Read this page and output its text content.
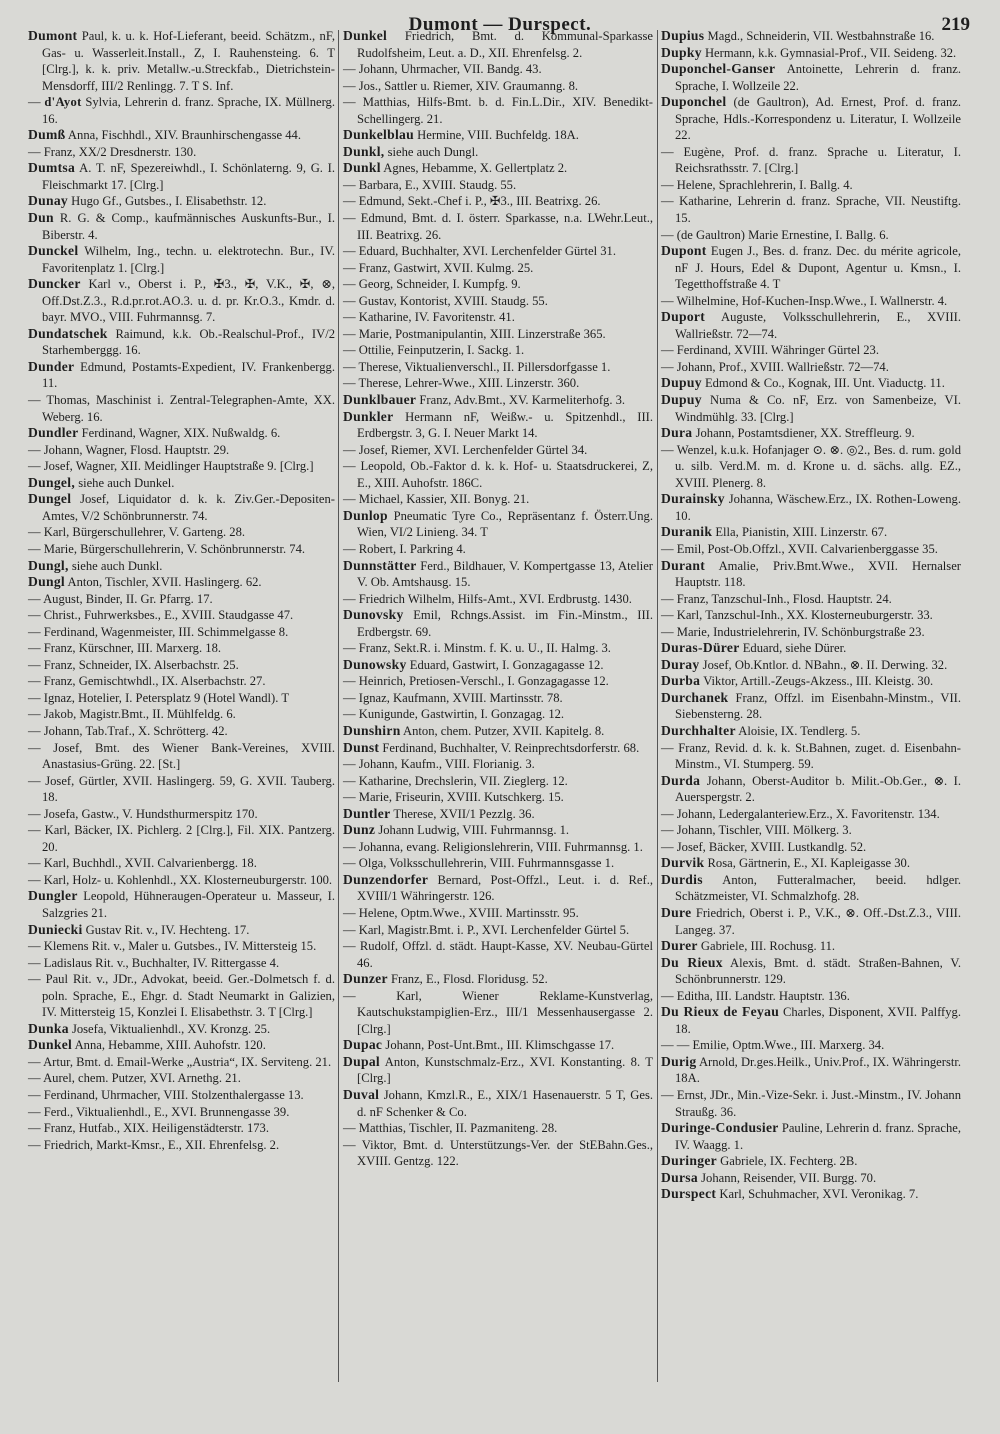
Dumont — Durspect.	219
Dumont Paul, k. u. k. Hof-Lieferant, beeid. Schätzm., nF, Gas- u. Wasserleit.Install., Z, I. Rauhensteing. 6. T [Clrg.], k. k. priv. Metallw.-u.Streckfab., Dietrichstein-Mensdorff, III/2 Renlingg. 7. T S. Inf.
— d'Ayot Sylvia, Lehrerin d. franz. Sprache, IX. Müllnerg. 16.
Dumß Anna, Fischhdl., XIV. Braunhirschengasse 44.
— Franz, XX/2 Dresdnerstr. 130.
Dumtsa A. T. nF, Spezereiwhdl., I. Schönlaterng. 9, G. I. Fleischmarkt 17. [Clrg.]
Dunay Hugo Gf., Gutsbes., I. Elisabethstr. 12.
Dun R. G. & Comp., kaufmännisches Auskunfts-Bur., I. Biberstr. 4.
Dunckel Wilhelm, Ing., techn. u. elektrotechn. Bur., IV. Favoritenplatz 1. [Clrg.]
Duncker Karl v., Oberst i. P., ✠3., ✠, V.K., ✠, ⊗, Off.Dst.Z.3., R.d.pr.rot.AO.3. u. d. pr. Kr.O.3., Kmdr. d. bayr. MVO., VIII. Fuhrmannsg. 7.
Dundatschek Raimund, k.k. Ob.-Realschul-Prof., IV/2 Starhemberggg. 16.
Dunder Edmund, Postamts-Expedient, IV. Frankenbergg. 11.
— Thomas, Maschinist i. Zentral-Telegraphen-Amte, XX. Weberg. 16.
Dundler Ferdinand, Wagner, XIX. Nußwaldg. 6.
— Johann, Wagner, Flosd. Hauptstr. 29.
— Josef, Wagner, XII. Meidlinger Hauptstraße 9. [Clrg.]
Dungel, siehe auch Dunkel.
Dungel Josef, Liquidator d. k. k. Ziv.Ger.-Depositen-Amtes, V/2 Schönbrunnerstr. 74.
— Karl, Bürgerschullehrer, V. Garteng. 28.
— Marie, Bürgerschullehrerin, V. Schönbrunnerstr. 74.
Dungl, siehe auch Dunkl.
Dungl Anton, Tischler, XVII. Haslingerg. 62.
— August, Binder, II. Gr. Pfarrg. 17.
— Christ., Fuhrwerksbes., E., XVIII. Staudgasse 47.
— Ferdinand, Wagenmeister, III. Schimmelgasse 8.
— Franz, Kürschner, III. Marxerg. 18.
— Franz, Schneider, IX. Alserbachstr. 25.
— Franz, Gemischtwhdl., IX. Alserbachstr. 27.
— Ignaz, Hotelier, I. Petersplatz 9 (Hotel Wandl). T
— Jakob, Magistr.Bmt., II. Mühlfeldg. 6.
— Johann, Tab.Traf., X. Schrötterg. 42.
— Josef, Bmt. des Wiener Bank-Vereines, XVIII. Anastasius-Grüng. 22. [St.]
— Josef, Gürtler, XVII. Haslingerg. 59, G. XVII. Tauberg. 18.
— Josefa, Gastw., V. Hundsthurmerspitz 170.
— Karl, Bäcker, IX. Pichlerg. 2 [Clrg.], Fil. XIX. Pantzerg. 20.
— Karl, Buchhdl., XVII. Calvarienbergg. 18.
— Karl, Holz- u. Kohlenhdl., XX. Klosterneuburgerstr. 100.
Dungler Leopold, Hühneraugen-Operateur u. Masseur, I. Salzgries 21.
Duniecki Gustav Rit. v., IV. Hechteng. 17.
— Klemens Rit. v., Maler u. Gutsbes., IV. Mittersteig 15.
— Ladislaus Rit. v., Buchhalter, IV. Rittergasse 4.
— Paul Rit. v., JDr., Advokat, beeid. Ger.-Dolmetsch f. d. poln. Sprache, E., Ehgr. d. Stadt Neumarkt in Galizien, IV. Mittersteig 15, Konzlei I. Elisabethstr. 3. T [Clrg.]
Dunka Josefa, Viktualienhdl., XV. Kronzg. 25.
Dunkel Anna, Hebamme, XIII. Auhofstr. 120.
— Artur, Bmt. d. Email-Werke „Austria“, IX. Serviteng. 21.
— Aurel, chem. Putzer, XVI. Arnethg. 21.
— Ferdinand, Uhrmacher, VIII. Stolzenthalergasse 13.
— Ferd., Viktualienhdl., E., XVI. Brunnengasse 39.
— Franz, Hutfab., XIX. Heiligenstädterstr. 173.
— Friedrich, Markt-Kmsr., E., XII. Ehrenfelsg. 2.
Dunkel Friedrich, Bmt. d. Kommunal-Sparkasse Rudolfsheim, Leut. a. D., XII. Ehrenfelsg. 2.
— Johann, Uhrmacher, VII. Bandg. 43.
— Jos., Sattler u. Riemer, XIV. Graumanng. 8.
— Matthias, Hilfs-Bmt. b. d. Fin.L.Dir., XIV. Benedikt-Schellingerg. 21.
Dunkelblau Hermine, VIII. Buchfeldg. 18A.
Dunkl, siehe auch Dungl.
Dunkl Agnes, Hebamme, X. Gellertplatz 2.
— Barbara, E., XVIII. Staudg. 55.
— Edmund, Sekt.-Chef i. P., ✠3., III. Beatrixg. 26.
— Edmund, Bmt. d. I. österr. Sparkasse, n.a. LWehr.Leut., III. Beatrixg. 26.
— Eduard, Buchhalter, XVI. Lerchenfelder Gürtel 31.
— Franz, Gastwirt, XVII. Kulmg. 25.
— Georg, Schneider, I. Kumpfg. 9.
— Gustav, Kontorist, XVIII. Staudg. 55.
— Katharine, IV. Favoritenstr. 41.
— Marie, Postmanipulantin, XIII. Linzerstraße 365.
— Ottilie, Feinputzerin, I. Sackg. 1.
— Therese, Viktualienverschl., II. Pillersdorfgasse 1.
— Therese, Lehrer-Wwe., XIII. Linzerstr. 360.
Dunklbauer Franz, Adv.Bmt., XV. Karmeliterhofg. 3.
Dunkler Hermann nF, Weißw.- u. Spitzenhdl., III. Erdbergstr. 3, G. I. Neuer Markt 14.
— Josef, Riemer, XVI. Lerchenfelder Gürtel 34.
— Leopold, Ob.-Faktor d. k. k. Hof- u. Staatsdruckerei, Z, E., XIII. Auhofstr. 186C.
— Michael, Kassier, XII. Bonyg. 21.
Dunlop Pneumatic Tyre Co., Repräsentanz f. Österr.Ung. Wien, VI/2 Linieng. 34. T
— Robert, I. Parkring 4.
Dunnstätter Ferd., Bildhauer, V. Kompertgasse 13, Atelier V. Ob. Amtshausg. 15.
— Friedrich Wilhelm, Hilfs-Amt., XVI. Erdbrustg. 1430.
Dunovsky Emil, Rchngs.Assist. im Fin.-Minstm., III. Erdbergstr. 69.
— Franz, Sekt.R. i. Minstm. f. K. u. U., II. Halmg. 3.
Dunowsky Eduard, Gastwirt, I. Gonzagagasse 12.
— Heinrich, Pretiosen-Verschl., I. Gonzagagasse 12.
— Ignaz, Kaufmann, XVIII. Martinsstr. 78.
— Kunigunde, Gastwirtin, I. Gonzagag. 12.
Dunshirn Anton, chem. Putzer, XVII. Kapitelg. 8.
Dunst Ferdinand, Buchhalter, V. Reinprechtsdorferstr. 68.
— Johann, Kaufm., VIII. Florianig. 3.
— Katharine, Drechslerin, VII. Zieglerg. 12.
— Marie, Friseurin, XVIII. Kutschkerg. 15.
Duntler Therese, XVII/1 Pezzlg. 36.
Dunz Johann Ludwig, VIII. Fuhrmannsg. 1.
— Johanna, evang. Religionslehrerin, VIII. Fuhrmannsg. 1.
— Olga, Volksschullehrerin, VIII. Fuhrmannsgasse 1.
Dunzendorfer Bernard, Post-Offzl., Leut. i. d. Ref., XVIII/1 Währingerstr. 126.
— Helene, Optm.Wwe., XVIII. Martinsstr. 95.
— Karl, Magistr.Bmt. i. P., XVI. Lerchenfelder Gürtel 5.
— Rudolf, Offzl. d. städt. Haupt-Kasse, XV. Neubau-Gürtel 46.
Dunzer Franz, E., Flosd. Floridusg. 52.
— Karl, Wiener Reklame-Kunstverlag, Kautschukstampiglien-Erz., III/1 Messenhausergasse 2. [Clrg.]
Dupac Johann, Post-Unt.Bmt., III. Klimschgasse 17.
Dupal Anton, Kunstschmalz-Erz., XVI. Konstanting. 8. T [Clrg.]
Duval Johann, Kmzl.R., E., XIX/1 Hasenauerstr. 5 T, Ges. d. nF Schenker & Co.
— Matthias, Tischler, II. Pazmaniteng. 28.
— Viktor, Bmt. d. Unterstützungs-Ver. der StEBahn.Ges., XVIII. Gentzg. 122.
Dupius Magd., Schneiderin, VII. Westbahnstraße 16.
Dupky Hermann, k.k. Gymnasial-Prof., VII. Seideng. 32.
Duponchel-Ganser Antoinette, Lehrerin d. franz. Sprache, I. Wollzeile 22.
Duponchel (de Gaultron), Ad. Ernest, Prof. d. franz. Sprache, Hdls.-Korrespondenz u. Literatur, I. Wollzeile 22.
— Eugène, Prof. d. franz. Sprache u. Literatur, I. Reichsrathsstr. 7. [Clrg.]
— Helene, Sprachlehrerin, I. Ballg. 4.
— Katharine, Lehrerin d. franz. Sprache, VII. Neustiftg. 15.
— (de Gaultron) Marie Ernestine, I. Ballg. 6.
Dupont Eugen J., Bes. d. franz. Dec. du mérite agricole, nF J. Hours, Edel & Dupont, Agentur u. Kmsn., I. Tegetthoffstraße 4. T
— Wilhelmine, Hof-Kuchen-Insp.Wwe., I. Wallnerstr. 4.
Duport Auguste, Volksschullehrerin, E., XVIII. Wallrießstr. 72—74.
— Ferdinand, XVIII. Währinger Gürtel 23.
— Johann, Prof., XVIII. Wallrießstr. 72—74.
Dupuy Edmond & Co., Kognak, III. Unt. Viaductg. 11.
Dupuy Numa & Co. nF, Erz. von Samenbeize, VI. Windmühlg. 33. [Clrg.]
Dura Johann, Postamtsdiener, XX. Streffleurg. 9.
— Wenzel, k.u.k. Hofanjager ⊙. ⊗. ◎2., Bes. d. rum. gold u. silb. Verd.M. m. d. Krone u. d. sächs. allg. EZ., XVIII. Plenerg. 8.
Durainsky Johanna, Wäschew.Erz., IX. Rothen-Loweng. 10.
Duranik Ella, Pianistin, XIII. Linzerstr. 67.
— Emil, Post-Ob.Offzl., XVII. Calvarienberggasse 35.
Durant Amalie, Priv.Bmt.Wwe., XVII. Hernalser Hauptstr. 118.
— Franz, Tanzschul-Inh., Flosd. Hauptstr. 24.
— Karl, Tanzschul-Inh., XX. Klosterneuburgerstr. 33.
— Marie, Industrielehrerin, IV. Schönburgstraße 23.
Duras-Dürer Eduard, siehe Dürer.
Duray Josef, Ob.Kntlor. d. NBahn., ⊗. II. Derwing. 32.
Durba Viktor, Artill.-Zeugs-Akzess., III. Kleistg. 30.
Durchanek Franz, Offzl. im Eisenbahn-Minstm., VII. Siebensterng. 28.
Durchhalter Aloisie, IX. Tendlerg. 5.
— Franz, Revid. d. k. k. St.Bahnen, zuget. d. Eisenbahn-Minstm., VI. Stumperg. 59.
Durda Johann, Oberst-Auditor b. Milit.-Ob.Ger., ⊗. I. Auerspergstr. 2.
— Johann, Ledergalanteriew.Erz., X. Favoritenstr. 134.
— Johann, Tischler, VIII. Mölkerg. 3.
— Josef, Bäcker, XVIII. Lustkandlg. 52.
Durvik Rosa, Gärtnerin, E., XI. Kapleigasse 30.
Durdis Anton, Futteralmacher, beeid. hdlger. Schätzmeister, VI. Schmalzhofg. 28.
Dure Friedrich, Oberst i. P., V.K., ⊗. Off.-Dst.Z.3., VIII. Langeg. 37.
Durer Gabriele, III. Rochusg. 11.
Du Rieux Alexis, Bmt. d. städt. Straßen-Bahnen, V. Schönbrunnerstr. 129.
— Editha, III. Landstr. Hauptstr. 136.
Du Rieux de Feyau Charles, Disponent, XVII. Palffyg. 18.
— — Emilie, Optm.Wwe., III. Marxerg. 34.
Durig Arnold, Dr.ges.Heilk., Univ.Prof., IX. Währingerstr. 18A.
— Ernst, JDr., Min.-Vize-Sekr. i. Just.-Minstm., IV. Johann Straußg. 36.
Duringe-Condusier Pauline, Lehrerin d. franz. Sprache, IV. Waagg. 1.
Duringer Gabriele, IX. Fechterg. 2B.
Dursa Johann, Reisender, VII. Burgg. 70.
Durspect Karl, Schuhmacher, XVI. Veronikag. 7.
